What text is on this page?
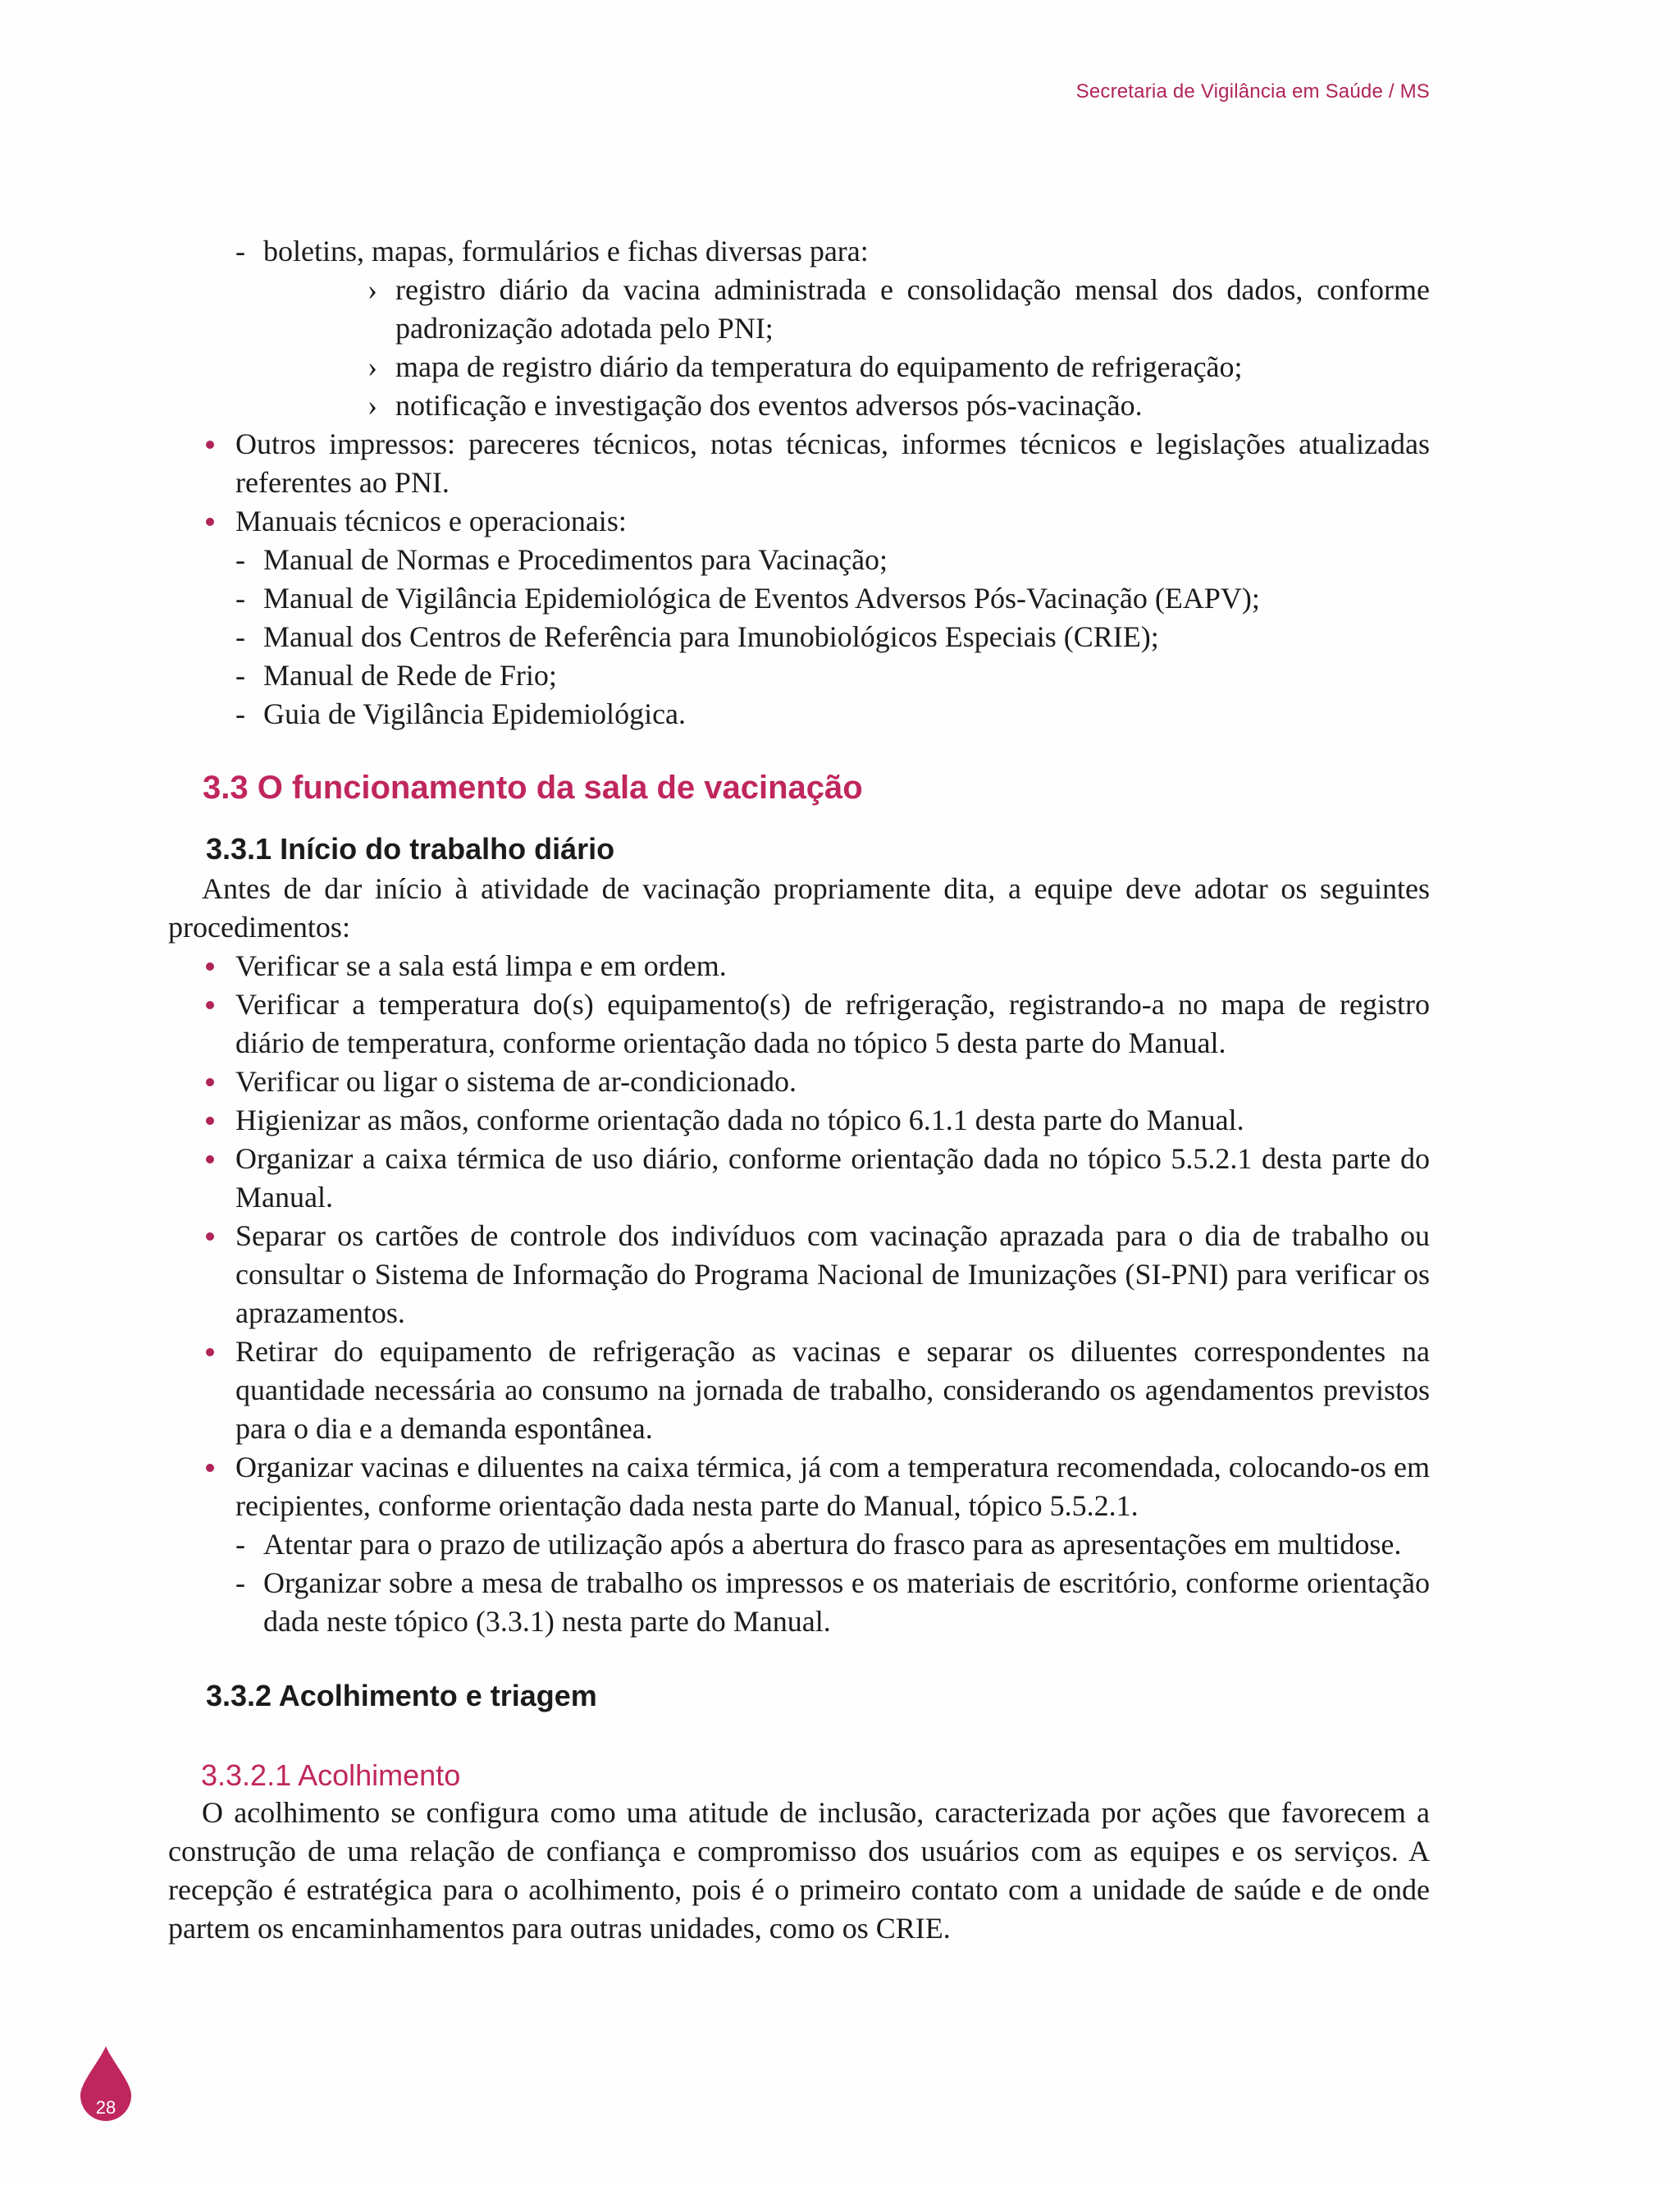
Secretaria de Vigilância em Saúde / MS
- boletins, mapas, formulários e fichas diversas para:
› registro diário da vacina administrada e consolidação mensal dos dados, conforme padronização adotada pelo PNI;
› mapa de registro diário da temperatura do equipamento de refrigeração;
› notificação e investigação dos eventos adversos pós-vacinação.
Outros impressos: pareceres técnicos, notas técnicas, informes técnicos e legislações atualizadas referentes ao PNI.
Manuais técnicos e operacionais:
- Manual de Normas e Procedimentos para Vacinação;
- Manual de Vigilância Epidemiológica de Eventos Adversos Pós-Vacinação (EAPV);
- Manual dos Centros de Referência para Imunobiológicos Especiais (CRIE);
- Manual de Rede de Frio;
- Guia de Vigilância Epidemiológica.
3.3 O funcionamento da sala de vacinação
3.3.1 Início do trabalho diário
Antes de dar início à atividade de vacinação propriamente dita, a equipe deve adotar os seguintes procedimentos:
Verificar se a sala está limpa e em ordem.
Verificar a temperatura do(s) equipamento(s) de refrigeração, registrando-a no mapa de registro diário de temperatura, conforme orientação dada no tópico 5 desta parte do Manual.
Verificar ou ligar o sistema de ar-condicionado.
Higienizar as mãos, conforme orientação dada no tópico 6.1.1 desta parte do Manual.
Organizar a caixa térmica de uso diário, conforme orientação dada no tópico 5.5.2.1 desta parte do Manual.
Separar os cartões de controle dos indivíduos com vacinação aprazada para o dia de trabalho ou consultar o Sistema de Informação do Programa Nacional de Imunizações (SI-PNI) para verificar os aprazamentos.
Retirar do equipamento de refrigeração as vacinas e separar os diluentes correspondentes na quantidade necessária ao consumo na jornada de trabalho, considerando os agendamentos previstos para o dia e a demanda espontânea.
Organizar vacinas e diluentes na caixa térmica, já com a temperatura recomendada, colocando-os em recipientes, conforme orientação dada nesta parte do Manual, tópico 5.5.2.1.
- Atentar para o prazo de utilização após a abertura do frasco para as apresentações em multidose.
- Organizar sobre a mesa de trabalho os impressos e os materiais de escritório, conforme orientação dada neste tópico (3.3.1) nesta parte do Manual.
3.3.2 Acolhimento e triagem
3.3.2.1 Acolhimento
O acolhimento se configura como uma atitude de inclusão, caracterizada por ações que favorecem a construção de uma relação de confiança e compromisso dos usuários com as equipes e os serviços. A recepção é estratégica para o acolhimento, pois é o primeiro contato com a unidade de saúde e de onde partem os encaminhamentos para outras unidades, como os CRIE.
28
